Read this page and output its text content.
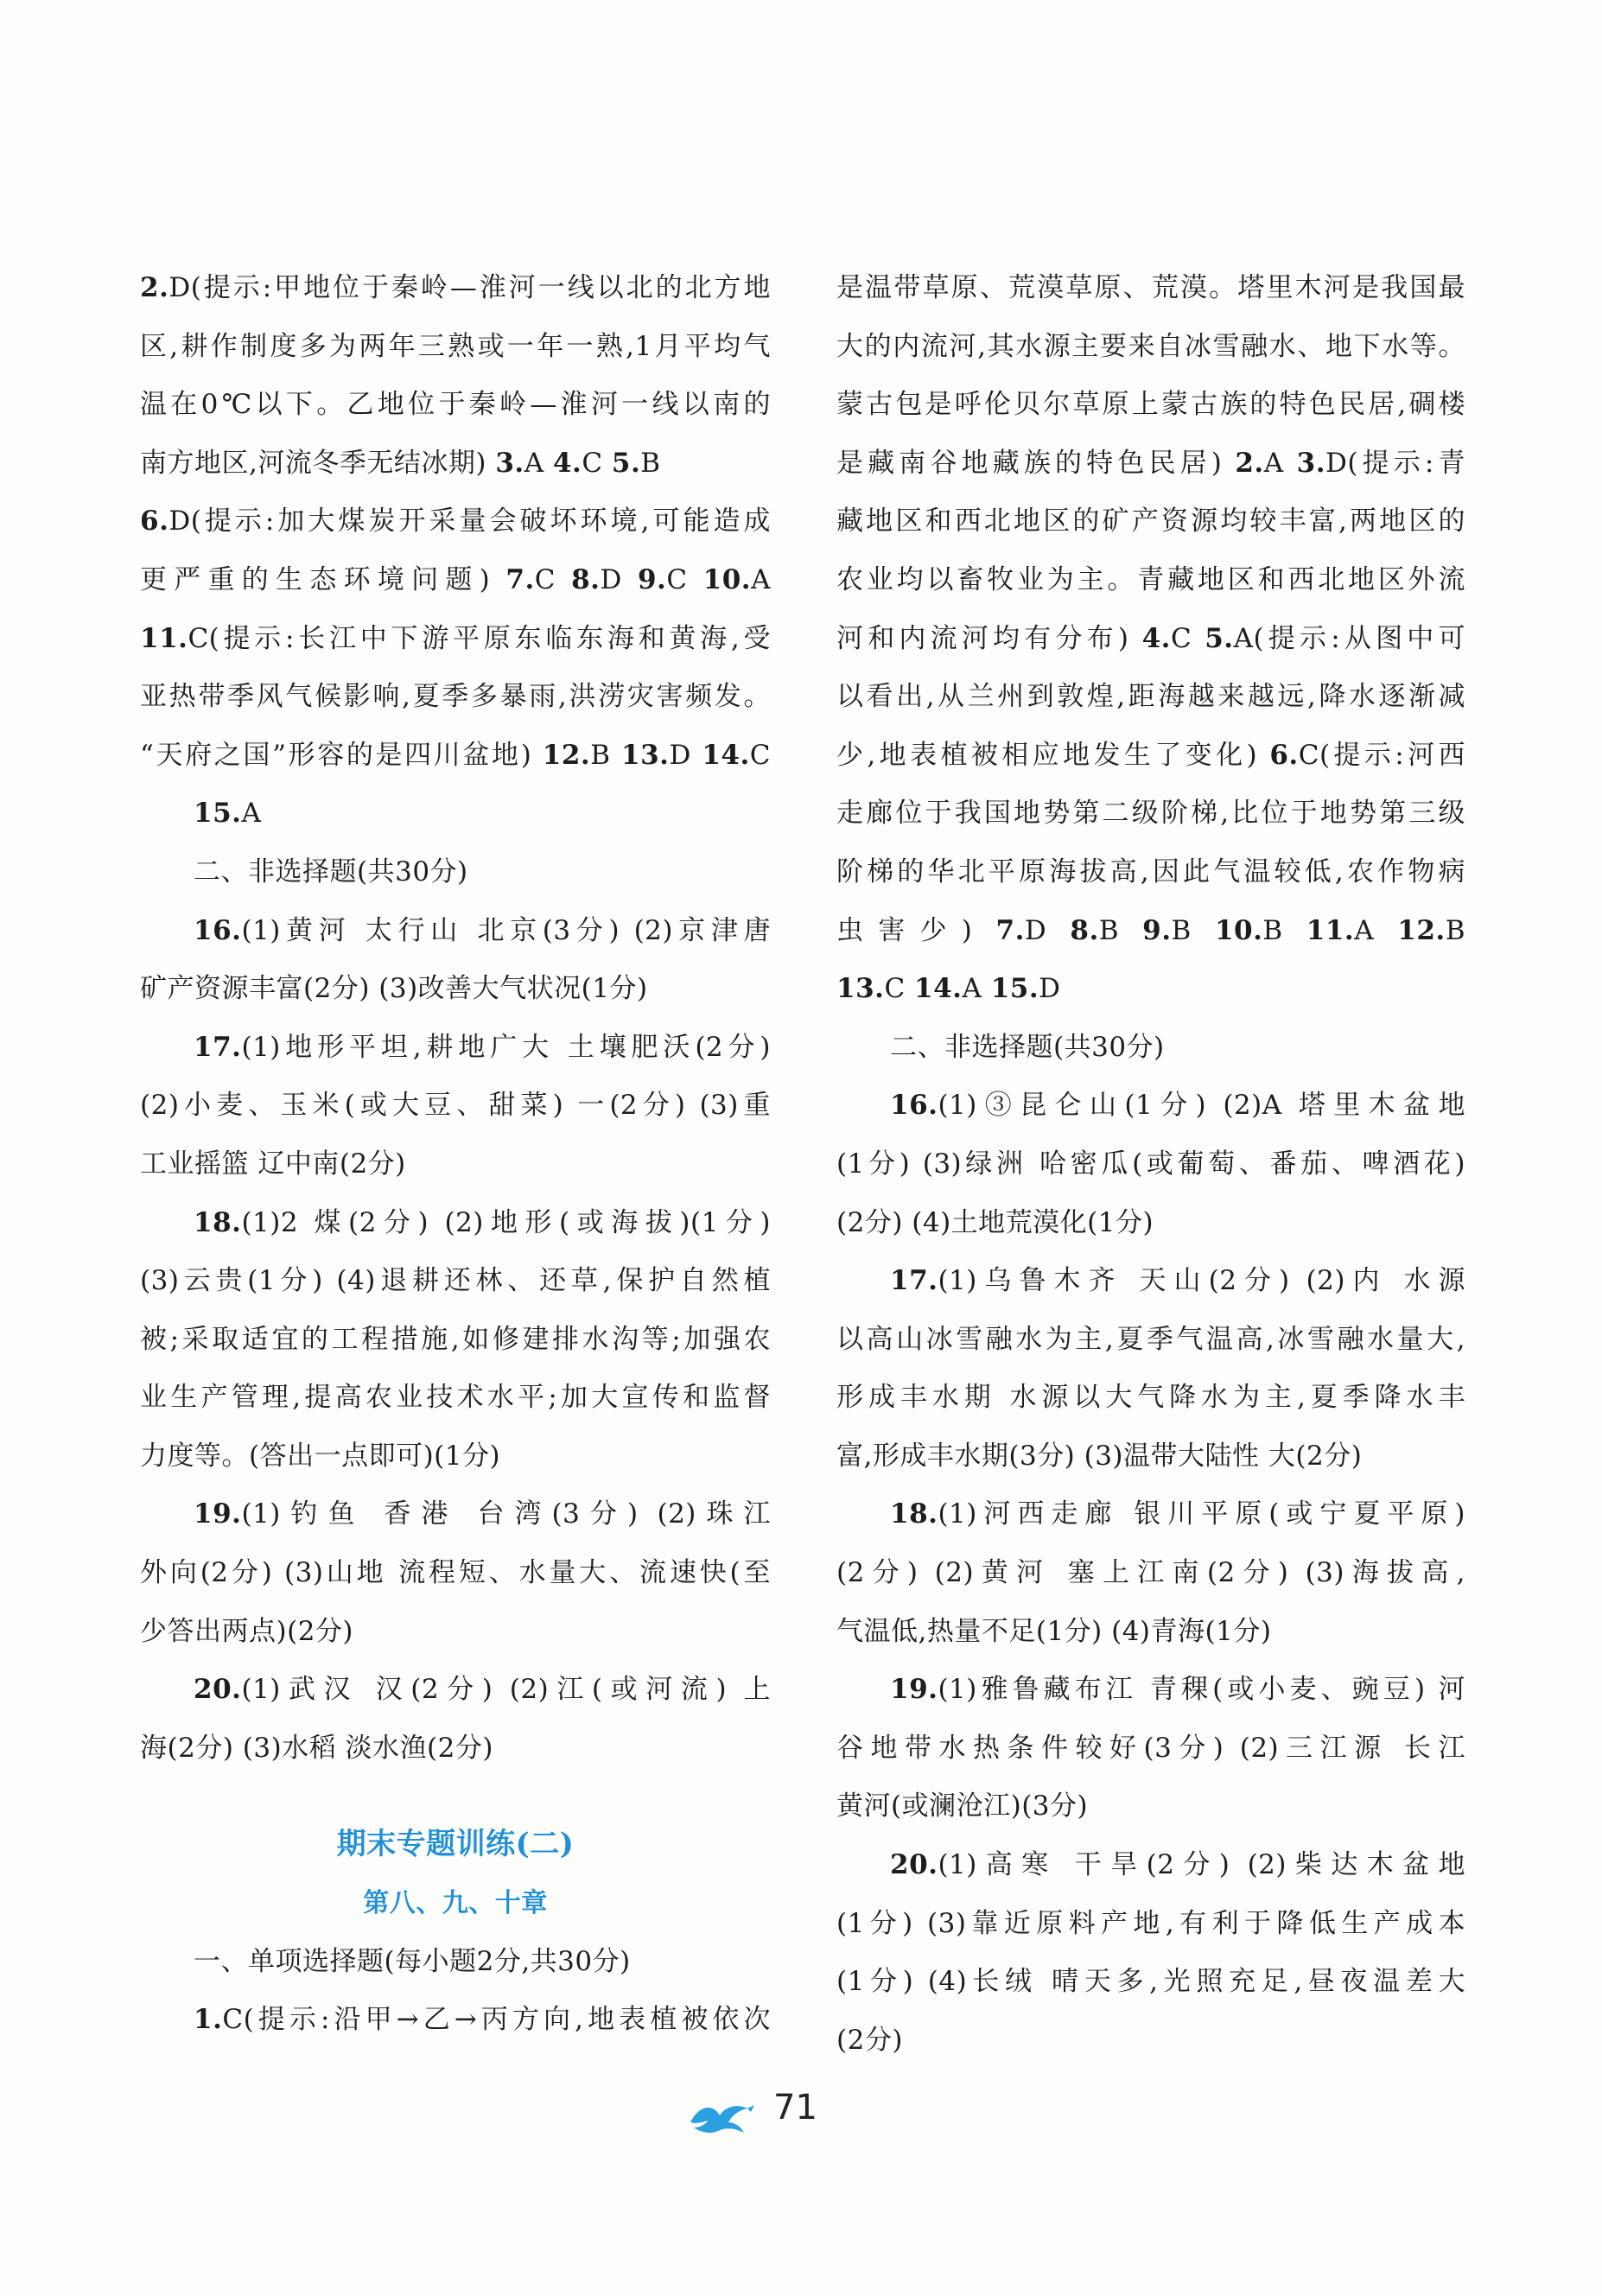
2.D(提示:甲地位于秦岭—淮河一线以北的北方地
区,耕作制度多为两年三熟或一年一熟,1月平均气
温在0℃以下。乙地位于秦岭—淮河一线以南的
南方地区,河流冬季无结冰期) 3.A 4.C 5.B
6.D(提示:加大煤炭开采量会破坏环境,可能造成
更严重的生态环境问题) 7.C 8.D 9.C 10.A
11.C(提示:长江中下游平原东临东海和黄海,受
亚热带季风气候影响,夏季多暴雨,洪涝灾害频发。
“天府之国”形容的是四川盆地) 12.B 13.D 14.C
15.A
二、非选择题(共30分)
16.(1)黄河 太行山 北京(3分) (2)京津唐
矿产资源丰富(2分) (3)改善大气状况(1分)
17.(1)地形平坦,耕地广大 土壤肥沃(2分)
(2)小麦、玉米(或大豆、甜菜) 一(2分) (3)重
工业摇篮 辽中南(2分)
18.(1)2 煤(2分) (2)地形(或海拔)(1分)
(3)云贵(1分) (4)退耕还林、还草,保护自然植
被;采取适宜的工程措施,如修建排水沟等;加强农
业生产管理,提高农业技术水平;加大宣传和监督
力度等。(答出一点即可)(1分)
19.(1)钓鱼 香港 台湾(3分) (2)珠江
外向(2分) (3)山地 流程短、水量大、流速快(至
少答出两点)(2分)
20.(1)武汉 汉(2分) (2)江(或河流) 上
海(2分) (3)水稻 淡水渔(2分)
期末专题训练(二)
第八、九、十章
一、单项选择题(每小题2分,共30分)
1.C(提示:沿甲→乙→丙方向,地表植被依次
是温带草原、荒漠草原、荒漠。塔里木河是我国最
大的内流河,其水源主要来自冰雪融水、地下水等。
蒙古包是呼伦贝尔草原上蒙古族的特色民居,碉楼
是藏南谷地藏族的特色民居) 2.A 3.D(提示:青
藏地区和西北地区的矿产资源均较丰富,两地区的
农业均以畜牧业为主。青藏地区和西北地区外流
河和内流河均有分布) 4.C 5.A(提示:从图中可
以看出,从兰州到敦煌,距海越来越远,降水逐渐减
少,地表植被相应地发生了变化) 6.C(提示:河西
走廊位于我国地势第二级阶梯,比位于地势第三级
阶梯的华北平原海拔高,因此气温较低,农作物病
虫害少) 7.D 8.B 9.B 10.B 11.A 12.B
13.C 14.A 15.D
二、非选择题(共30分)
16.(1)③昆仑山(1分) (2)A 塔里木盆地
(1分) (3)绿洲 哈密瓜(或葡萄、番茄、啤酒花)
(2分) (4)土地荒漠化(1分)
17.(1)乌鲁木齐 天山(2分) (2)内 水源
以高山冰雪融水为主,夏季气温高,冰雪融水量大,
形成丰水期 水源以大气降水为主,夏季降水丰
富,形成丰水期(3分) (3)温带大陆性 大(2分)
18.(1)河西走廊 银川平原(或宁夏平原)
(2分) (2)黄河 塞上江南(2分) (3)海拔高,
气温低,热量不足(1分) (4)青海(1分)
19.(1)雅鲁藏布江 青稞(或小麦、豌豆) 河
谷地带水热条件较好(3分) (2)三江源 长江
黄河(或澜沧江)(3分)
20.(1)高寒 干旱(2分) (2)柴达木盆地
(1分) (3)靠近原料产地,有利于降低生产成本
(1分) (4)长绒 晴天多,光照充足,昼夜温差大
(2分)
71
